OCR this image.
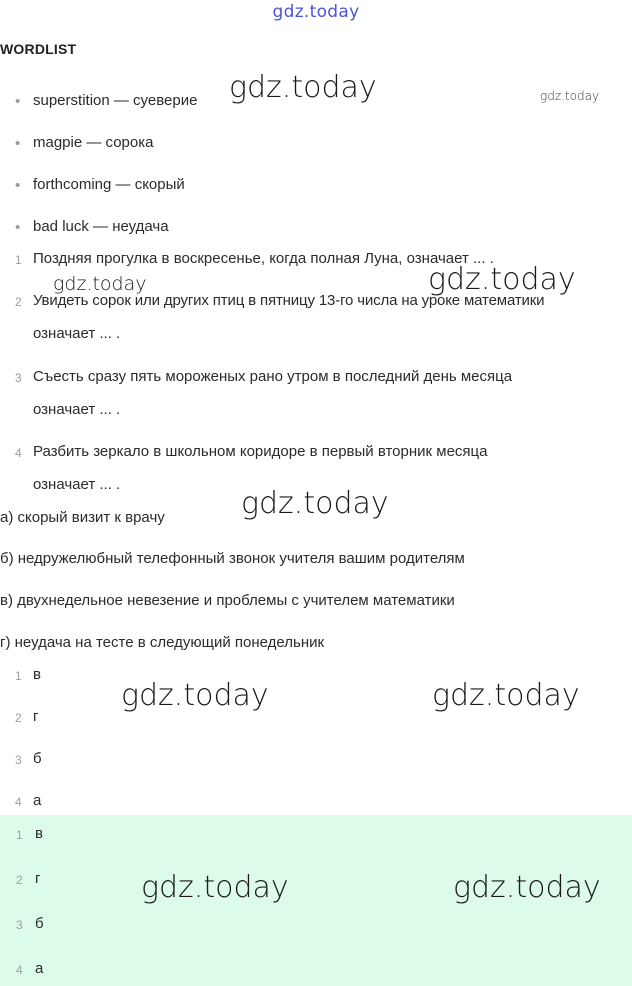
gdz.today
WORDLIST
• superstition — суеверие
• magpie — сорока
• forthcoming — скорый
• bad luck — неудача
1 Поздняя прогулка в воскресенье, когда полная Луна, означает ... .
2 Увидеть сорок или других птиц в пятницу 13-го числа на уроке математики
означает ... .
3 Съесть сразу пять мороженых рано утром в последний день месяца
означает ... .
4 Разбить зеркало в школьном коридоре в первый вторник месяца
означает ... .
а) скорый визит к врачу
б) недружелюбный телефонный звонок учителя вашим родителям
в) двухнедельное невезение и проблемы с учителем математики
г) неудача на тесте в следующий понедельник
1 в
2 г
3 б
4 а
1 в
2 г
3 б
4 а
gdz.today	gdz.today
gdz.today	gdz.today
gdz.today
gdz.today	gdz.today
gdz.today	gdz.today
